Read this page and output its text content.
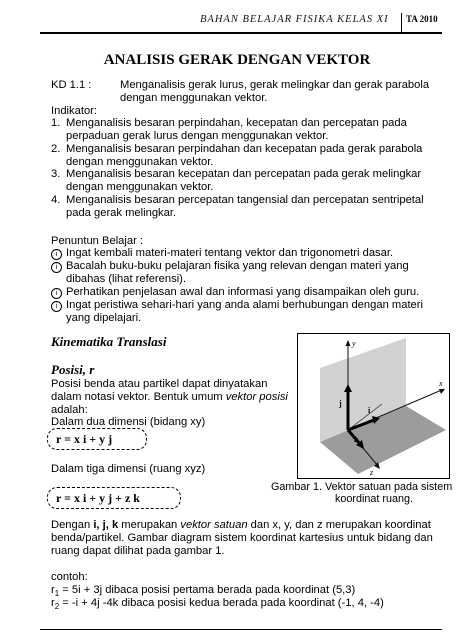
BAHAN BELAJAR FISIKA KELAS XI TA 2010
ANALISIS GERAK DENGAN VEKTOR
KD 1.1 :	Menganalisis gerak lurus, gerak melingkar dan gerak parabola
dengan menggunakan vektor.
Indikator:
1. Menganalisis besaran perpindahan, kecepatan dan percepatan pada
perpaduan gerak lurus dengan menggunakan vektor.
2. Menganalisis besaran perpindahan dan kecepatan pada gerak parabola
dengan menggunakan vektor.
3. Menganalisis besaran kecepatan dan percepatan pada gerak melingkar
dengan menggunakan vektor.
4. Menganalisis besaran percepatan tangensial dan percepatan sentripetal
pada gerak melingkar.
Penuntun Belajar :
i Ingat kembali materi-materi tentang vektor dan trigonometri dasar.
i Bacalah buku-buku pelajaran fisika yang relevan dengan materi yang
dibahas (lihat referensi).
i Perhatikan penjelasan awal dan informasi yang disampaikan oleh guru.
i Ingat peristiwa sehari-hari yang anda alami berhubungan dengan materi
yang dipelajari.
Kinematika Translasi
Posisi, r
Posisi benda atau partikel dapat dinyatakan
dalam notasi vektor. Bentuk umum vektor posisi
adalah:
Dalam dua dimensi (bidang xy)
r = x i + y j
Dalam tiga dimensi (ruang xyz)
r = x i + y j + z k
y
x
z
j
i
k
Gambar 1. Vektor satuan pada sistem
koordinat ruang.
Dengan i, j, k merupakan vektor satuan dan x, y, dan z merupakan koordinat
benda/partikel. Gambar diagram sistem koordinat kartesius untuk bidang dan
ruang dapat dilihat pada gambar 1.
contoh:
$r_1 = 5i + 3j$ dibaca posisi pertama berada pada koordinat (5,3)
$r_2 = -i + 4j$ -4k dibaca posisi kedua berada pada koordinat (-1, 4, -4)
